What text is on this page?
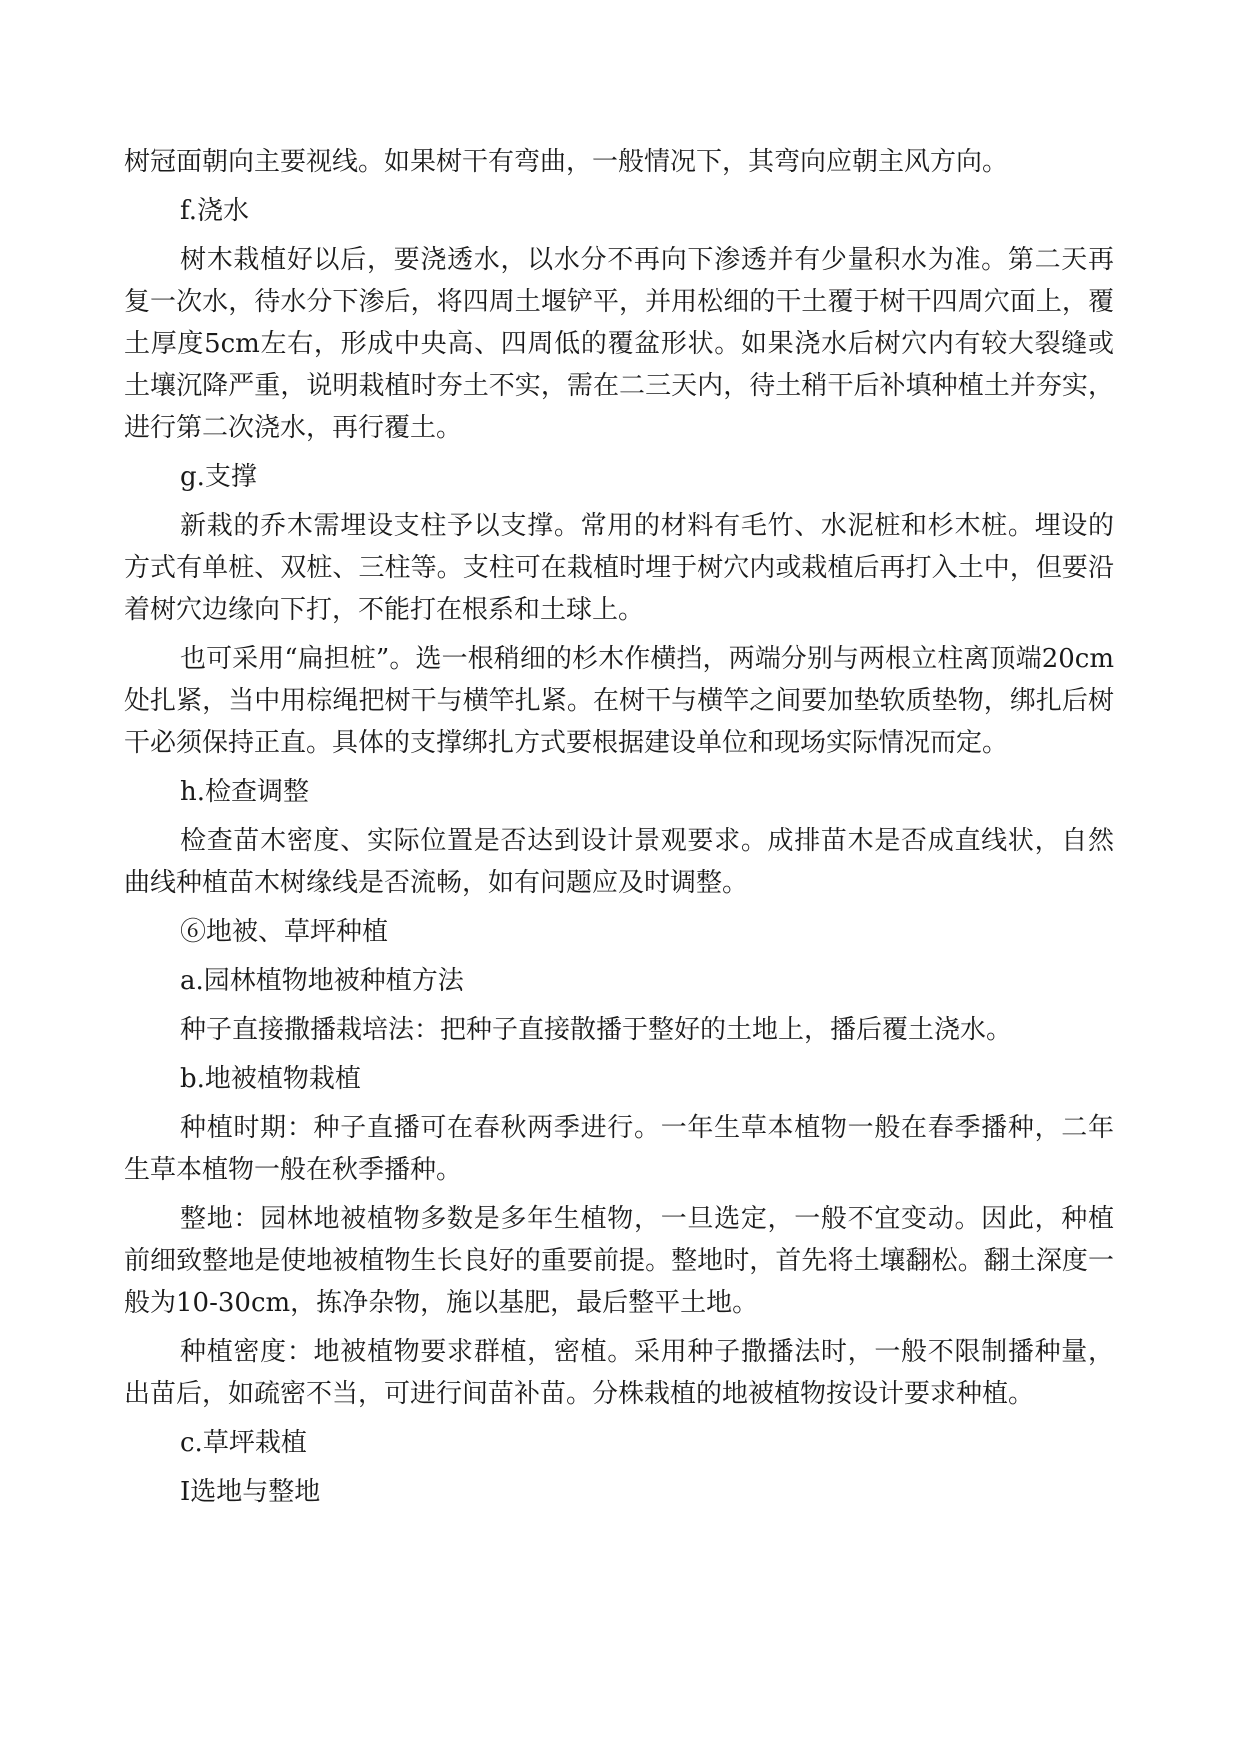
树冠面朝向主要视线。如果树干有弯曲，一般情况下，其弯向应朝主风方向。

f.浇水

树木栽植好以后，要浇透水，以水分不再向下渗透并有少量积水为准。第二天再复一次水，待水分下渗后，将四周土堰铲平，并用松细的干土覆于树干四周穴面上，覆土厚度5cm左右，形成中央高、四周低的覆盆形状。如果浇水后树穴内有较大裂缝或土壤沉降严重，说明栽植时夯土不实，需在二三天内，待土稍干后补填种植土并夯实，进行第二次浇水，再行覆土。

g.支撑

新栽的乔木需埋设支柱予以支撑。常用的材料有毛竹、水泥桩和杉木桩。埋设的方式有单桩、双桩、三柱等。支柱可在栽植时埋于树穴内或栽植后再打入土中，但要沿着树穴边缘向下打，不能打在根系和土球上。

也可采用“扁担桩”。选一根稍细的杉木作横挡，两端分别与两根立柱离顶端20cm处扎紧，当中用棕绳把树干与横竿扎紧。在树干与横竿之间要加垫软质垫物，绑扎后树干必须保持正直。具体的支撑绑扎方式要根据建设单位和现场实际情况而定。

h.检查调整

检查苗木密度、实际位置是否达到设计景观要求。成排苗木是否成直线状，自然曲线种植苗木树缘线是否流畅，如有问题应及时调整。

⑥地被、草坪种植

a.园林植物地被种植方法

种子直接撒播栽培法：把种子直接散播于整好的土地上，播后覆土浇水。

b.地被植物栽植

种植时期：种子直播可在春秋两季进行。一年生草本植物一般在春季播种，二年生草本植物一般在秋季播种。

整地：园林地被植物多数是多年生植物，一旦选定，一般不宜变动。因此，种植前细致整地是使地被植物生长良好的重要前提。整地时，首先将土壤翻松。翻土深度一般为10-30cm，拣净杂物，施以基肥，最后整平土地。

种植密度：地被植物要求群植，密植。采用种子撒播法时，一般不限制播种量，出苗后，如疏密不当，可进行间苗补苗。分株栽植的地被植物按设计要求种植。

c.草坪栽植

Ⅰ选地与整地
